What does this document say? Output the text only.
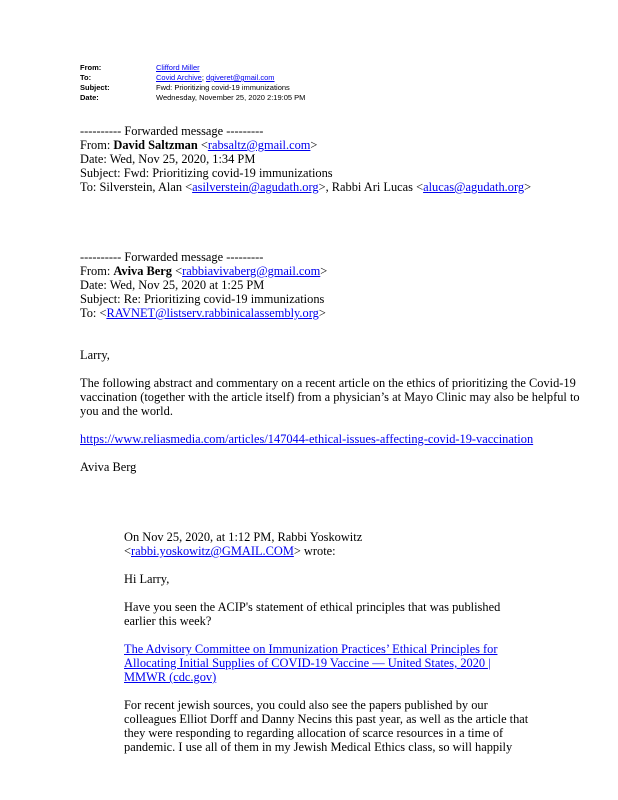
From:	Clifford Miller
To:	Covid Archive; dgiveret@gmail.com
Subject:	Fwd: Prioritizing covid-19 immunizations
Date:	Wednesday, November 25, 2020 2:19:05 PM

---------- Forwarded message ---------

From: David Saltzman <rabsaltz@gmail.com>

Date: Wed, Nov 25, 2020, 1:34 PM

Subject: Fwd: Prioritizing covid-19 immunizations

To: Silverstein, Alan <asilverstein@agudath.org>, Rabbi Ari Lucas <alucas@agudath.org>

---------- Forwarded message ---------

From: Aviva Berg <rabbiavivaberg@gmail.com>

Date: Wed, Nov 25, 2020 at 1:25 PM

Subject: Re: Prioritizing covid-19 immunizations

To: <RAVNET@listserv.rabbinicalassembly.org>

Larry,

The following abstract and commentary on a recent article on the ethics of prioritizing the Covid-19 vaccination (together with the article itself) from a physician’s at Mayo Clinic may also be helpful to you and the world.

https://www.reliasmedia.com/articles/147044-ethical-issues-affecting-covid-19-vaccination

Aviva Berg

On Nov 25, 2020, at 1:12 PM, Rabbi Yoskowitz

<rabbi.yoskowitz@GMAIL.COM> wrote:

Hi Larry,

Have you seen the ACIP's statement of ethical principles that was published earlier this week?

The Advisory Committee on Immunization Practices’ Ethical Principles for Allocating Initial Supplies of COVID-19 Vaccine — United States, 2020 | MMWR (cdc.gov)

For recent jewish sources, you could also see the papers published by our colleagues Elliot Dorff and Danny Necins this past year, as well as the article that they were responding to regarding allocation of scarce resources in a time of pandemic. I use all of them in my Jewish Medical Ethics class, so will happily
